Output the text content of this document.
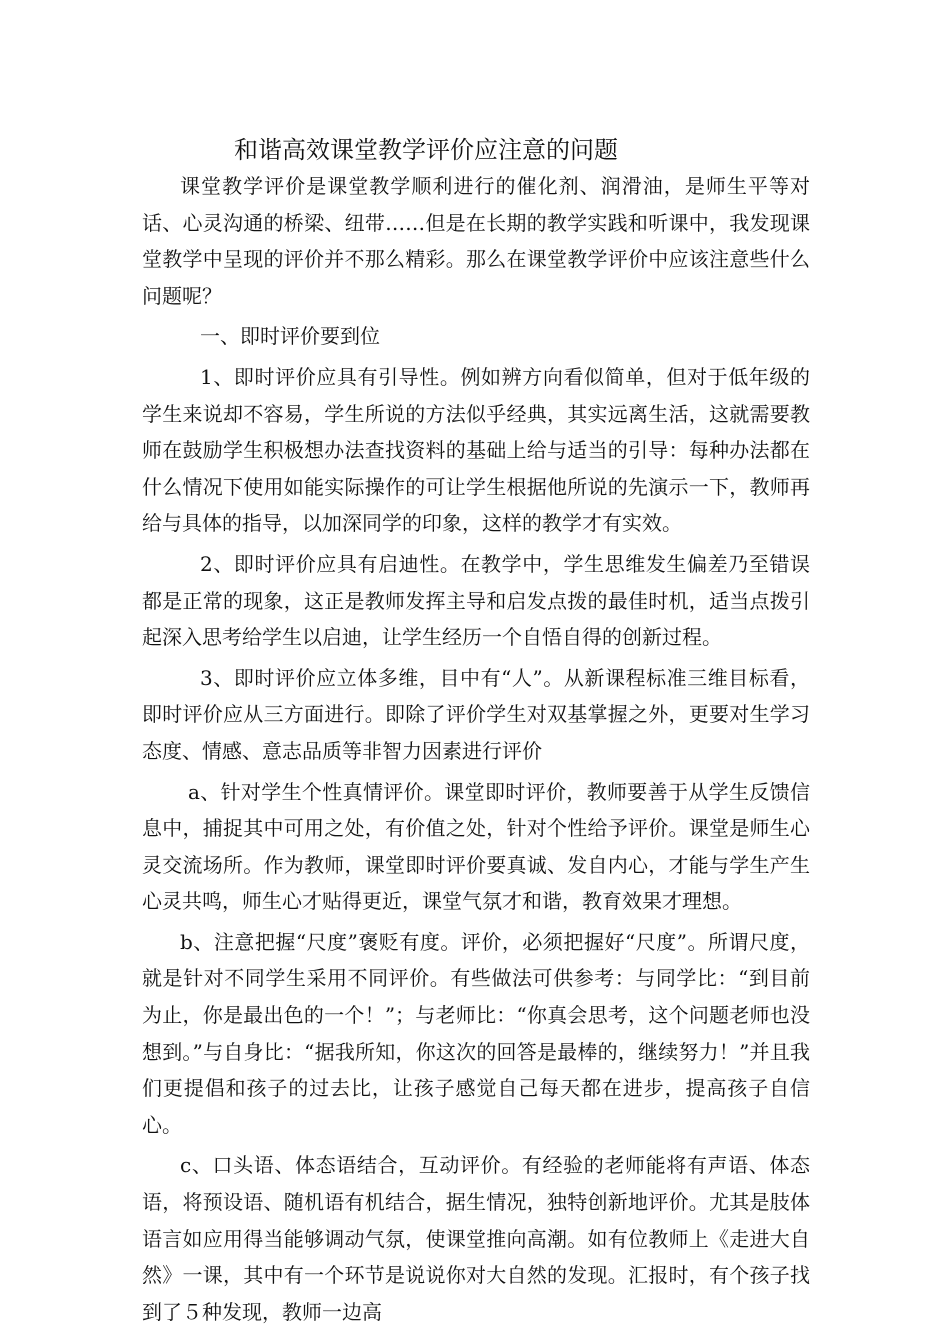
和谐高效课堂教学评价应注意的问题

课堂教学评价是课堂教学顺利进行的催化剂、润滑油，是师生平等对话、心灵沟通的桥梁、纽带……但是在长期的教学实践和听课中，我发现课堂教学中呈现的评价并不那么精彩。那么在课堂教学评价中应该注意些什么问题呢？

一、即时评价要到位

1、即时评价应具有引导性。例如辨方向看似简单，但对于低年级的学生来说却不容易，学生所说的方法似乎经典，其实远离生活，这就需要教师在鼓励学生积极想办法查找资料的基础上给与适当的引导：每种办法都在什么情况下使用如能实际操作的可让学生根据他所说的先演示一下，教师再给与具体的指导，以加深同学的印象，这样的教学才有实效。

2、即时评价应具有启迪性。在教学中，学生思维发生偏差乃至错误都是正常的现象，这正是教师发挥主导和启发点拨的最佳时机，适当点拨引起深入思考给学生以启迪，让学生经历一个自悟自得的创新过程。

3、即时评价应立体多维，目中有“人”。从新课程标准三维目标看，即时评价应从三方面进行。即除了评价学生对双基掌握之外，更要对生学习态度、情感、意志品质等非智力因素进行评价

a、针对学生个性真情评价。课堂即时评价，教师要善于从学生反馈信息中，捕捉其中可用之处，有价值之处，针对个性给予评价。课堂是师生心灵交流场所。作为教师，课堂即时评价要真诚、发自内心，才能与学生产生心灵共鸣，师生心才贴得更近，课堂气氛才和谐，教育效果才理想。

b、注意把握“尺度”褒贬有度。评价，必须把握好“尺度”。所谓尺度，就是针对不同学生采用不同评价。有些做法可供参考：与同学比：“到目前为止，你是最出色的一个！”；与老师比：“你真会思考，这个问题老师也没想到。”与自身比：“据我所知，你这次的回答是最棒的，继续努力！”并且我们更提倡和孩子的过去比，让孩子感觉自己每天都在进步，提高孩子自信心。

c、口头语、体态语结合，互动评价。有经验的老师能将有声语、体态语，将预设语、随机语有机结合，据生情况，独特创新地评价。尤其是肢体语言如应用得当能够调动气氛，使课堂推向高潮。如有位教师上《走进大自然》一课，其中有一个环节是说说你对大自然的发现。汇报时，有个孩子找到了５种发现，教师一边高
